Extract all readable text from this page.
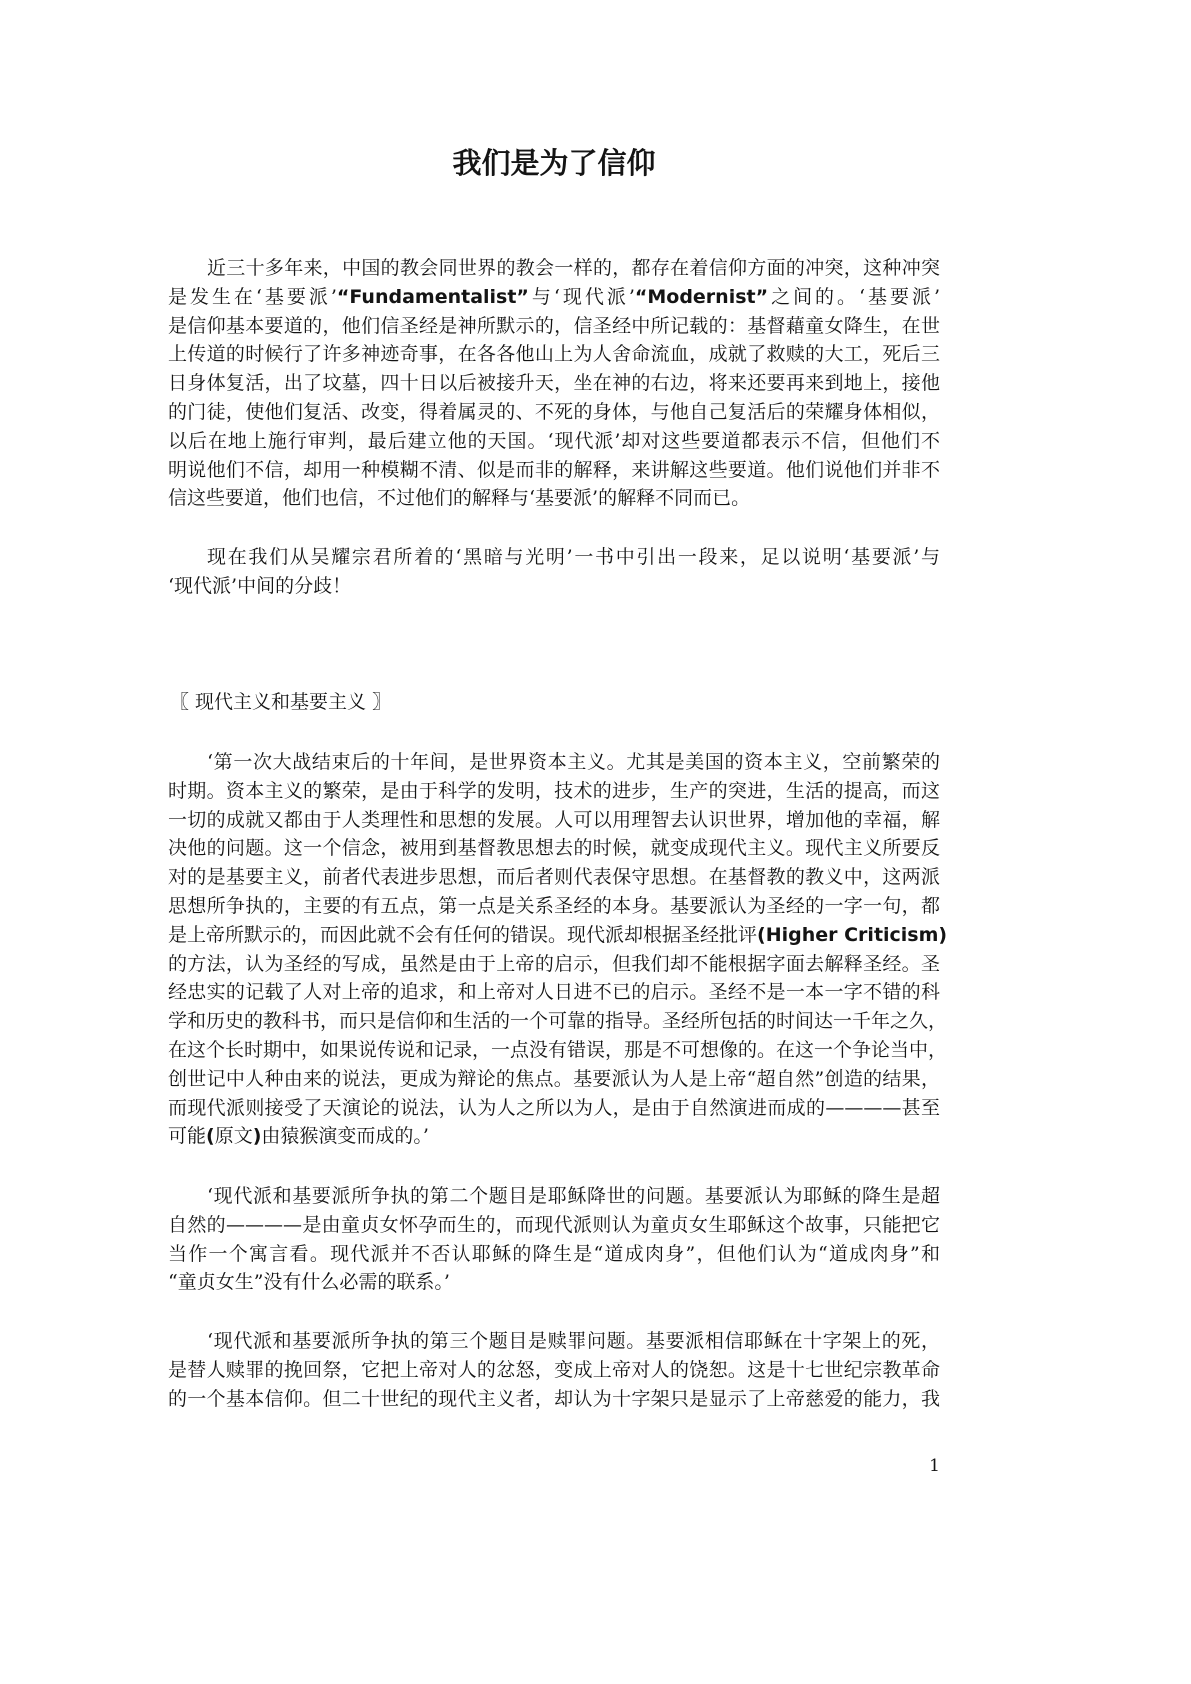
我们是为了信仰
近三十多年来，中国的教会同世界的教会一样的，都存在着信仰方面的冲突，这种冲突
是发生在‘基要派’“Fundamentalist”与‘现代派’“Modernist”之间的。‘基要派’
是信仰基本要道的，他们信圣经是神所默示的，信圣经中所记载的：基督藉童女降生，在世
上传道的时候行了许多神迹奇事，在各各他山上为人舍命流血，成就了救赎的大工，死后三
日身体复活，出了坟墓，四十日以后被接升天，坐在神的右边，将来还要再来到地上，接他
的门徒，使他们复活、改变，得着属灵的、不死的身体，与他自己复活后的荣耀身体相似，
以后在地上施行审判，最后建立他的天国。‘现代派’却对这些要道都表示不信，但他们不
明说他们不信，却用一种模糊不清、似是而非的解释，来讲解这些要道。他们说他们并非不
信这些要道，他们也信，不过他们的解释与‘基要派’的解释不同而已。
现在我们从吴耀宗君所着的‘黑暗与光明’一书中引出一段来，足以说明‘基要派’与
‘现代派’中间的分歧！
〖 现代主义和基要主义 〗
‘第一次大战结束后的十年间，是世界资本主义。尤其是美国的资本主义，空前繁荣的
时期。资本主义的繁荣，是由于科学的发明，技术的进步，生产的突进，生活的提高，而这
一切的成就又都由于人类理性和思想的发展。人可以用理智去认识世界，增加他的幸福，解
决他的问题。这一个信念，被用到基督教思想去的时候，就变成现代主义。现代主义所要反
对的是基要主义，前者代表进步思想，而后者则代表保守思想。在基督教的教义中，这两派
思想所争执的，主要的有五点，第一点是关系圣经的本身。基要派认为圣经的一字一句，都
是上帝所默示的，而因此就不会有任何的错误。现代派却根据圣经批评(Higher Criticism)
的方法，认为圣经的写成，虽然是由于上帝的启示，但我们却不能根据字面去解释圣经。圣
经忠实的记载了人对上帝的追求，和上帝对人日进不已的启示。圣经不是一本一字不错的科
学和历史的教科书，而只是信仰和生活的一个可靠的指导。圣经所包括的时间达一千年之久，
在这个长时期中，如果说传说和记录，一点没有错误，那是不可想像的。在这一个争论当中，
创世记中人种由来的说法，更成为辩论的焦点。基要派认为人是上帝“超自然”创造的结果，
而现代派则接受了天演论的说法，认为人之所以为人，是由于自然演进而成的————甚至
可能(原文)由猿猴演变而成的。’
‘现代派和基要派所争执的第二个题目是耶稣降世的问题。基要派认为耶稣的降生是超
自然的————是由童贞女怀孕而生的，而现代派则认为童贞女生耶稣这个故事，只能把它
当作一个寓言看。现代派并不否认耶稣的降生是“道成肉身”，但他们认为“道成肉身”和
“童贞女生”没有什么必需的联系。’
‘现代派和基要派所争执的第三个题目是赎罪问题。基要派相信耶稣在十字架上的死，
是替人赎罪的挽回祭，它把上帝对人的忿怒，变成上帝对人的饶恕。这是十七世纪宗教革命
的一个基本信仰。但二十世纪的现代主义者，却认为十字架只是显示了上帝慈爱的能力，我
1
